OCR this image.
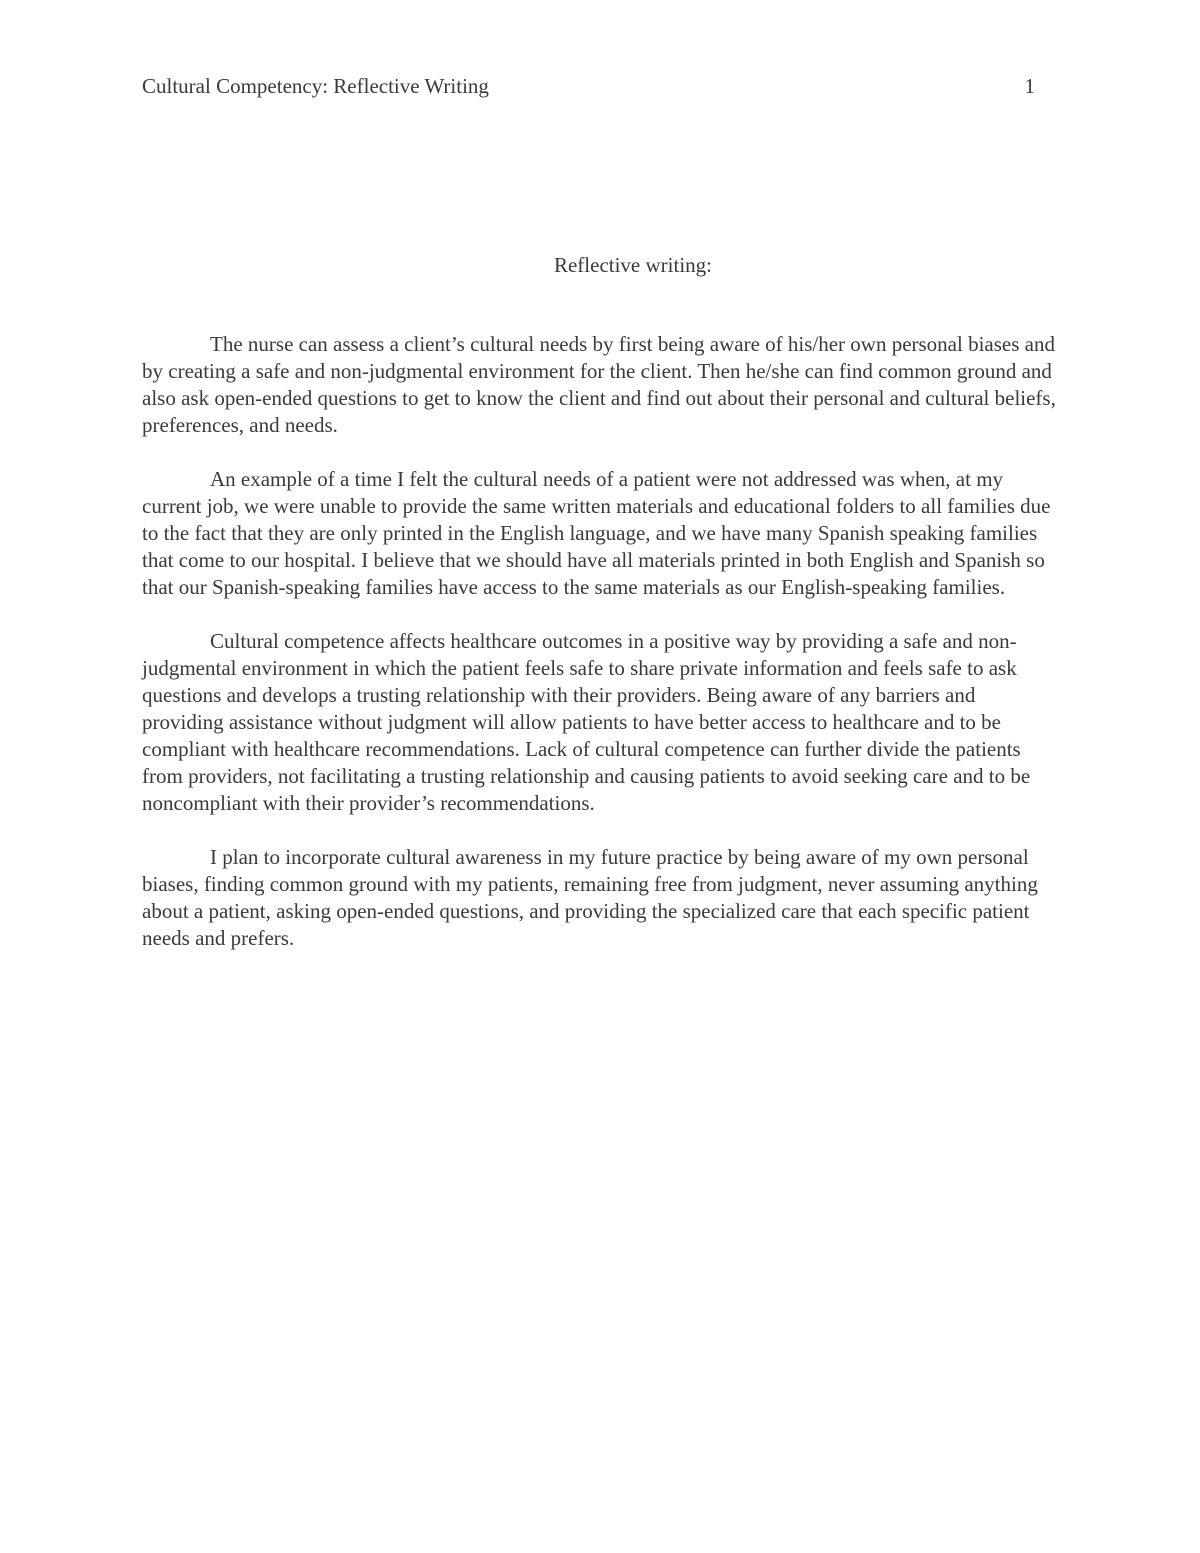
Cultural Competency: Reflective Writing	1
Reflective writing:

The nurse can assess a client’s cultural needs by first being aware of his/her own personal biases and by creating a safe and non-judgmental environment for the client. Then he/she can find common ground and also ask open-ended questions to get to know the client and find out about their personal and cultural beliefs, preferences, and needs.

An example of a time I felt the cultural needs of a patient were not addressed was when, at my current job, we were unable to provide the same written materials and educational folders to all families due to the fact that they are only printed in the English language, and we have many Spanish speaking families that come to our hospital. I believe that we should have all materials printed in both English and Spanish so that our Spanish-speaking families have access to the same materials as our English-speaking families.

Cultural competence affects healthcare outcomes in a positive way by providing a safe and non-judgmental environment in which the patient feels safe to share private information and feels safe to ask questions and develops a trusting relationship with their providers. Being aware of any barriers and providing assistance without judgment will allow patients to have better access to healthcare and to be compliant with healthcare recommendations. Lack of cultural competence can further divide the patients from providers, not facilitating a trusting relationship and causing patients to avoid seeking care and to be noncompliant with their provider’s recommendations.

I plan to incorporate cultural awareness in my future practice by being aware of my own personal biases, finding common ground with my patients, remaining free from judgment, never assuming anything about a patient, asking open-ended questions, and providing the specialized care that each specific patient needs and prefers.
